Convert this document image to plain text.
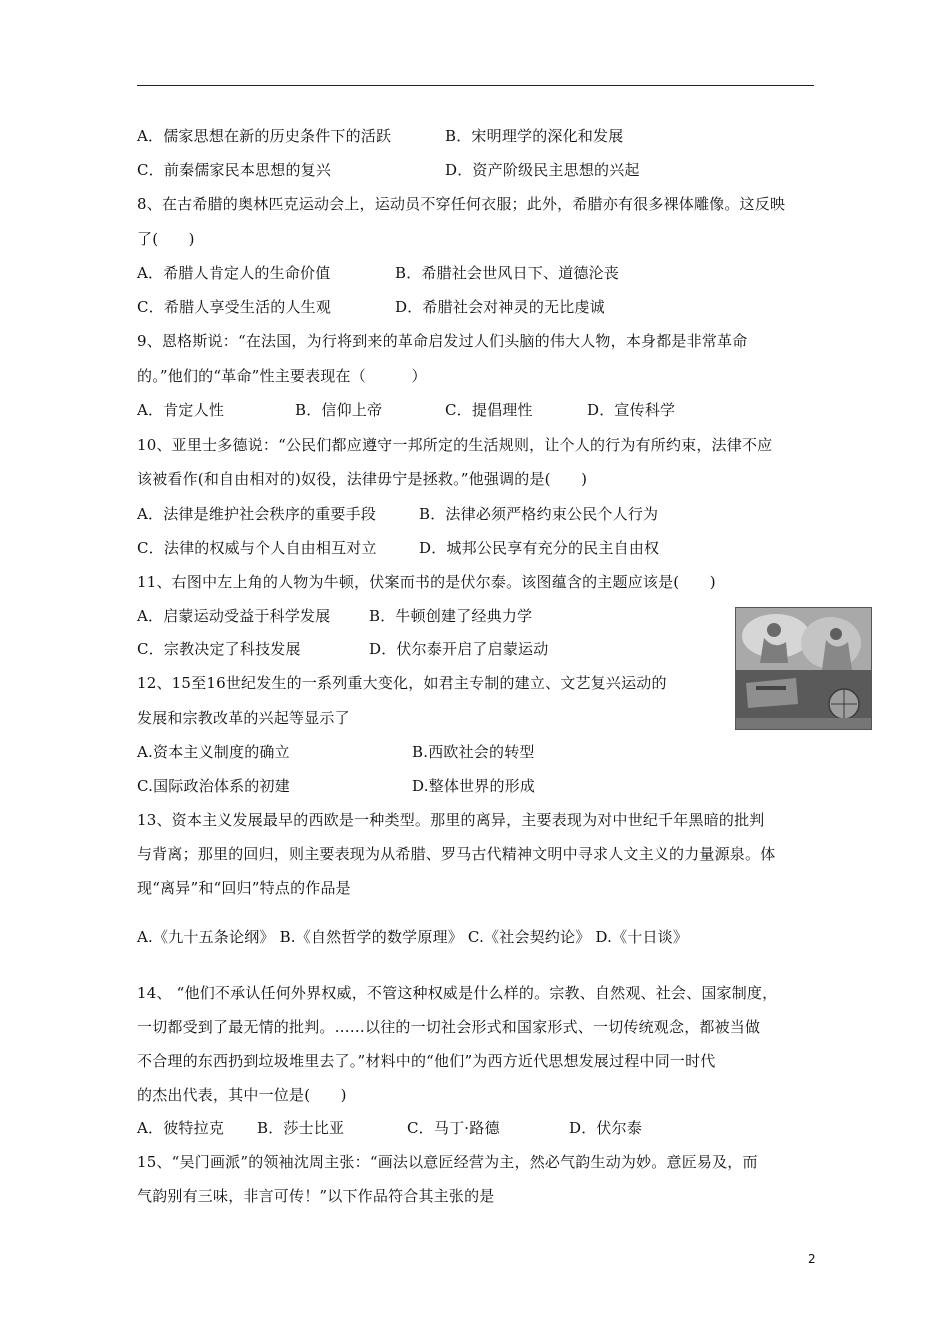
A．儒家思想在新的历史条件下的活跃	B．宋明理学的深化和发展
C．前秦儒家民本思想的复兴	D．资产阶级民主思想的兴起
8、在古希腊的奥林匹克运动会上，运动员不穿任何衣服；此外，希腊亦有很多裸体雕像。这反映
了(　　)
A．希腊人肯定人的生命价值	B．希腊社会世风日下、道德沦丧
C．希腊人享受生活的人生观	D．希腊社会对神灵的无比虔诚
9、恩格斯说：“在法国，为行将到来的革命启发过人们头脑的伟大人物，本身都是非常革命
的。”他们的“革命”性主要表现在（　　　）
A．肯定人性	B．信仰上帝	C．提倡理性	D．宣传科学
10、亚里士多德说：“公民们都应遵守一邦所定的生活规则，让个人的行为有所约束，法律不应
该被看作(和自由相对的)奴役，法律毋宁是拯救。”他强调的是(　　)
A．法律是维护社会秩序的重要手段	B．法律必须严格约束公民个人行为
C．法律的权威与个人自由相互对立	D．城邦公民享有充分的民主自由权
11、右图中左上角的人物为牛顿，伏案而书的是伏尔泰。该图蕴含的主题应该是(　　)
A．启蒙运动受益于科学发展	B．牛顿创建了经典力学
C．宗教决定了科技发展	D．伏尔泰开启了启蒙运动
12、15至16世纪发生的一系列重大变化，如君主专制的建立、文艺复兴运动的
发展和宗教改革的兴起等显示了
A.资本主义制度的确立	B.西欧社会的转型
C.国际政治体系的初建	D.整体世界的形成
13、资本主义发展最早的西欧是一种类型。那里的离异，主要表现为对中世纪千年黑暗的批判
与背离；那里的回归，则主要表现为从希腊、罗马古代精神文明中寻求人文主义的力量源泉。体
现“离异”和“回归”特点的作品是
A.《九十五条论纲》 B.《自然哲学的数学原理》 C.《社会契约论》 D.《十日谈》
14、 “他们不承认任何外界权威，不管这种权威是什么样的。宗教、自然观、社会、国家制度，
一切都受到了最无情的批判。……以往的一切社会形式和国家形式、一切传统观念，都被当做
不合理的东西扔到垃圾堆里去了。”材料中的“他们”为西方近代思想发展过程中同一时代
的杰出代表，其中一位是(　　)
A．彼特拉克 B．莎士比亚	C．马丁·路德	D．伏尔泰
15、“吴门画派”的领袖沈周主张：“画法以意匠经营为主，然必气韵生动为妙。意匠易及，而
气韵别有三味，非言可传！”以下作品符合其主张的是
2
